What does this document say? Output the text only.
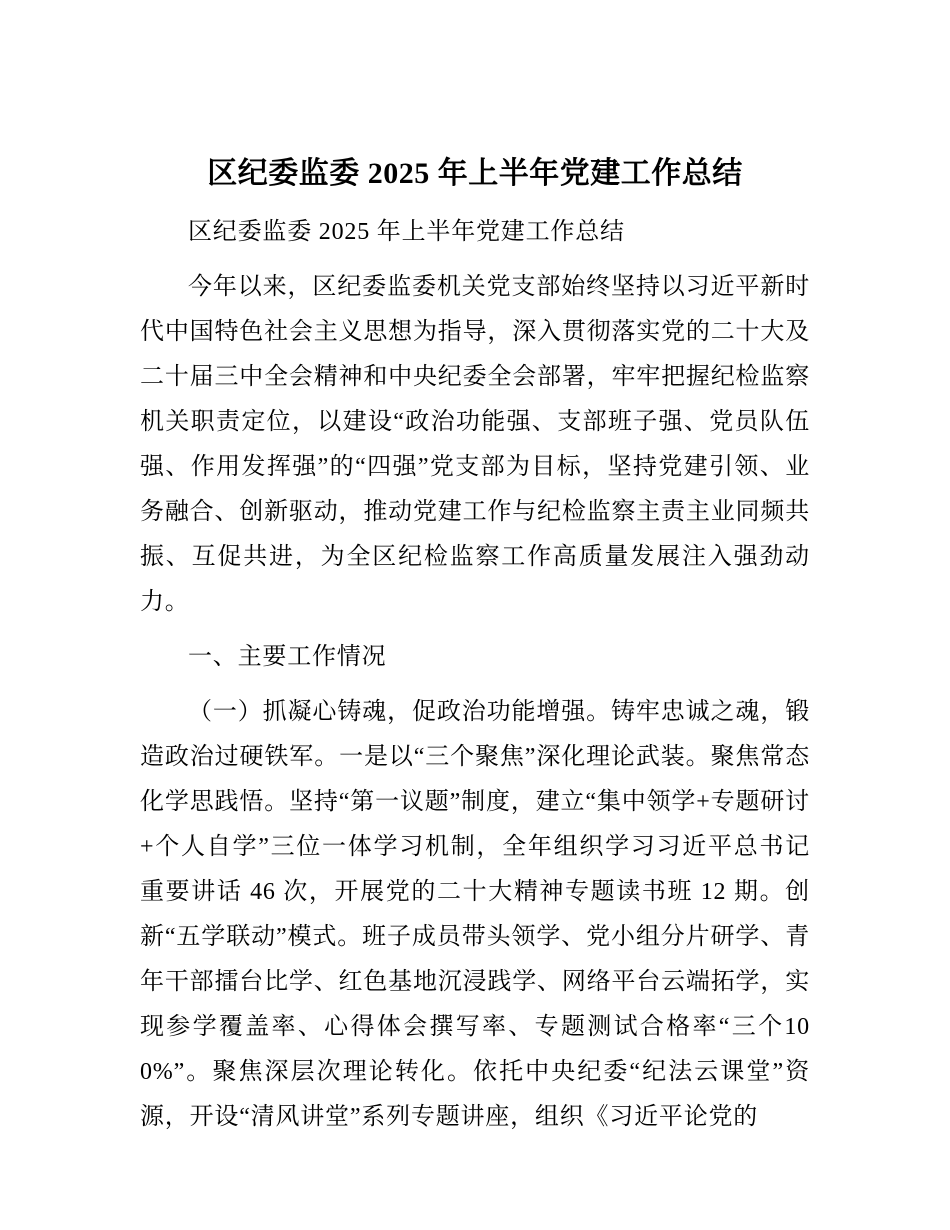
区纪委监委 2025 年上半年党建工作总结

区纪委监委 2025 年上半年党建工作总结

今年以来，区纪委监委机关党支部始终坚持以习近平新时代中国特色社会主义思想为指导，深入贯彻落实党的二十大及二十届三中全会精神和中央纪委全会部署，牢牢把握纪检监察机关职责定位，以建设“政治功能强、支部班子强、党员队伍强、作用发挥强”的“四强”党支部为目标，坚持党建引领、业务融合、创新驱动，推动党建工作与纪检监察主责主业同频共振、互促共进，为全区纪检监察工作高质量发展注入强劲动力。

一、主要工作情况

（一）抓凝心铸魂，促政治功能增强。铸牢忠诚之魂，锻造政治过硬铁军。一是以“三个聚焦”深化理论武装。聚焦常态化学思践悟。坚持“第一议题”制度，建立“集中领学+专题研讨+个人自学”三位一体学习机制，全年组织学习习近平总书记重要讲话 46 次，开展党的二十大精神专题读书班 12 期。创新“五学联动”模式。班子成员带头领学、党小组分片研学、青年干部擂台比学、红色基地沉浸践学、网络平台云端拓学，实现参学覆盖率、心得体会撰写率、专题测试合格率“三个100%”。聚焦深层次理论转化。依托中央纪委“纪法云课堂”资源，开设“清风讲堂”系列专题讲座，组织《习近平论党的
